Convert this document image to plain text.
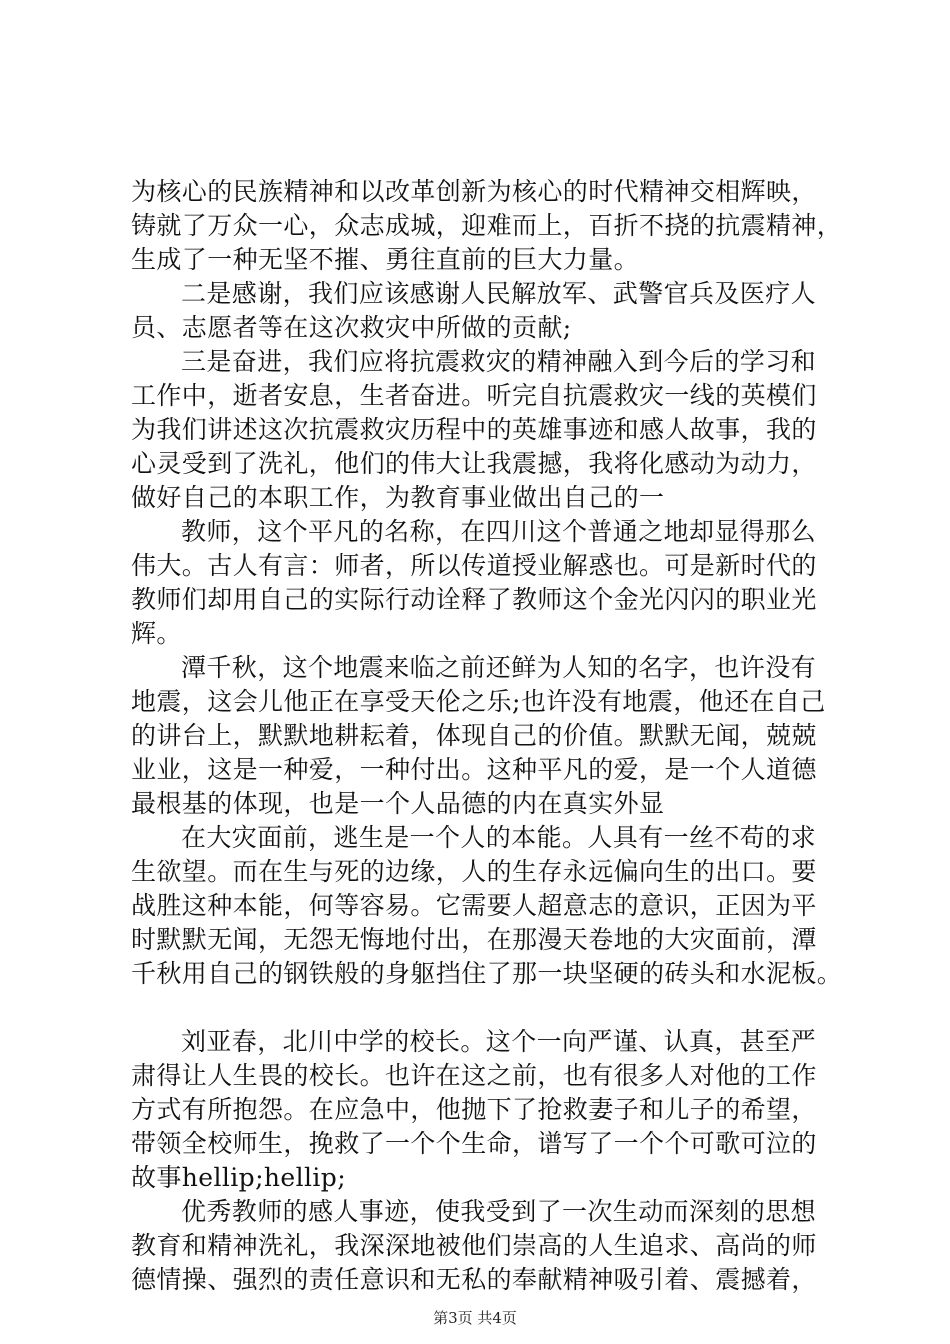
为核心的民族精神和以改革创新为核心的时代精神交相辉映，
铸就了万众一心，众志成城，迎难而上，百折不挠的抗震精神，
生成了一种无坚不摧、勇往直前的巨大力量。
二是感谢，我们应该感谢人民解放军、武警官兵及医疗人
员、志愿者等在这次救灾中所做的贡献;
三是奋进，我们应将抗震救灾的精神融入到今后的学习和
工作中，逝者安息，生者奋进。听完自抗震救灾一线的英模们
为我们讲述这次抗震救灾历程中的英雄事迹和感人故事，我的
心灵受到了洗礼，他们的伟大让我震撼，我将化感动为动力，
做好自己的本职工作，为教育事业做出自己的一
教师，这个平凡的名称，在四川这个普通之地却显得那么
伟大。古人有言：师者，所以传道授业解惑也。可是新时代的
教师们却用自己的实际行动诠释了教师这个金光闪闪的职业光
辉。
潭千秋，这个地震来临之前还鲜为人知的名字，也许没有
地震，这会儿他正在享受天伦之乐;也许没有地震，他还在自己
的讲台上，默默地耕耘着，体现自己的价值。默默无闻，兢兢
业业，这是一种爱，一种付出。这种平凡的爱，是一个人道德
最根基的体现，也是一个人品德的内在真实外显
在大灾面前，逃生是一个人的本能。人具有一丝不苟的求
生欲望。而在生与死的边缘，人的生存永远偏向生的出口。要
战胜这种本能，何等容易。它需要人超意志的意识，正因为平
时默默无闻，无怨无悔地付出，在那漫天卷地的大灾面前，潭
千秋用自己的钢铁般的身躯挡住了那一块坚硬的砖头和水泥板。
刘亚春，北川中学的校长。这个一向严谨、认真，甚至严
肃得让人生畏的校长。也许在这之前，也有很多人对他的工作
方式有所抱怨。在应急中，他抛下了抢救妻子和儿子的希望，
带领全校师生，挽救了一个个生命，谱写了一个个可歌可泣的
故事hellip;hellip;
优秀教师的感人事迹，使我受到了一次生动而深刻的思想
教育和精神洗礼，我深深地被他们崇高的人生追求、高尚的师
德情操、强烈的责任意识和无私的奉献精神吸引着、震撼着，
第3页 共4页
